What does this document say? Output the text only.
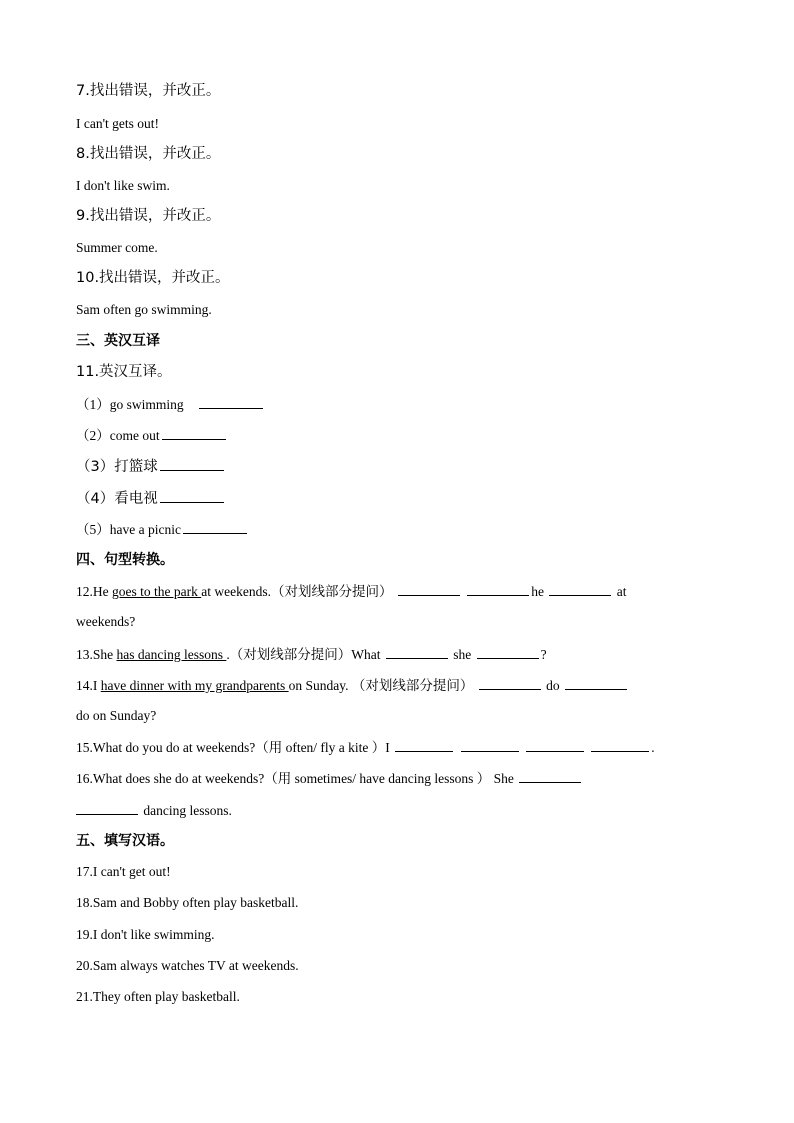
7.找出错误，并改正。
I can't gets out!
8.找出错误，并改正。
I don't like swim.
9.找出错误，并改正。
Summer come.
10.找出错误，并改正。
Sam often go swimming.
三、英汉互译
11.英汉互译。
（1）go swimming
（2）come out
（3）打篮球
（4）看电视
（5）have a picnic
四、句型转换。
12.He goes to the park at weekends.（对划线部分提问）	he	at
weekends?
13.She has dancing lessons .（对划线部分提问）What	she	?
14.I have dinner with my grandparents on Sunday. （对划线部分提问）	do
do on Sunday?
15.What do you do at weekends?（用 often/ fly a kite ）I	.
16.What does she do at weekends?（用 sometimes/ have dancing lessons ） She
dancing lessons.
五、填写汉语。
17.I can't get out!
18.Sam and Bobby often play basketball.
19.I don't like swimming.
20.Sam always watches TV at weekends.
21.They often play basketball.
